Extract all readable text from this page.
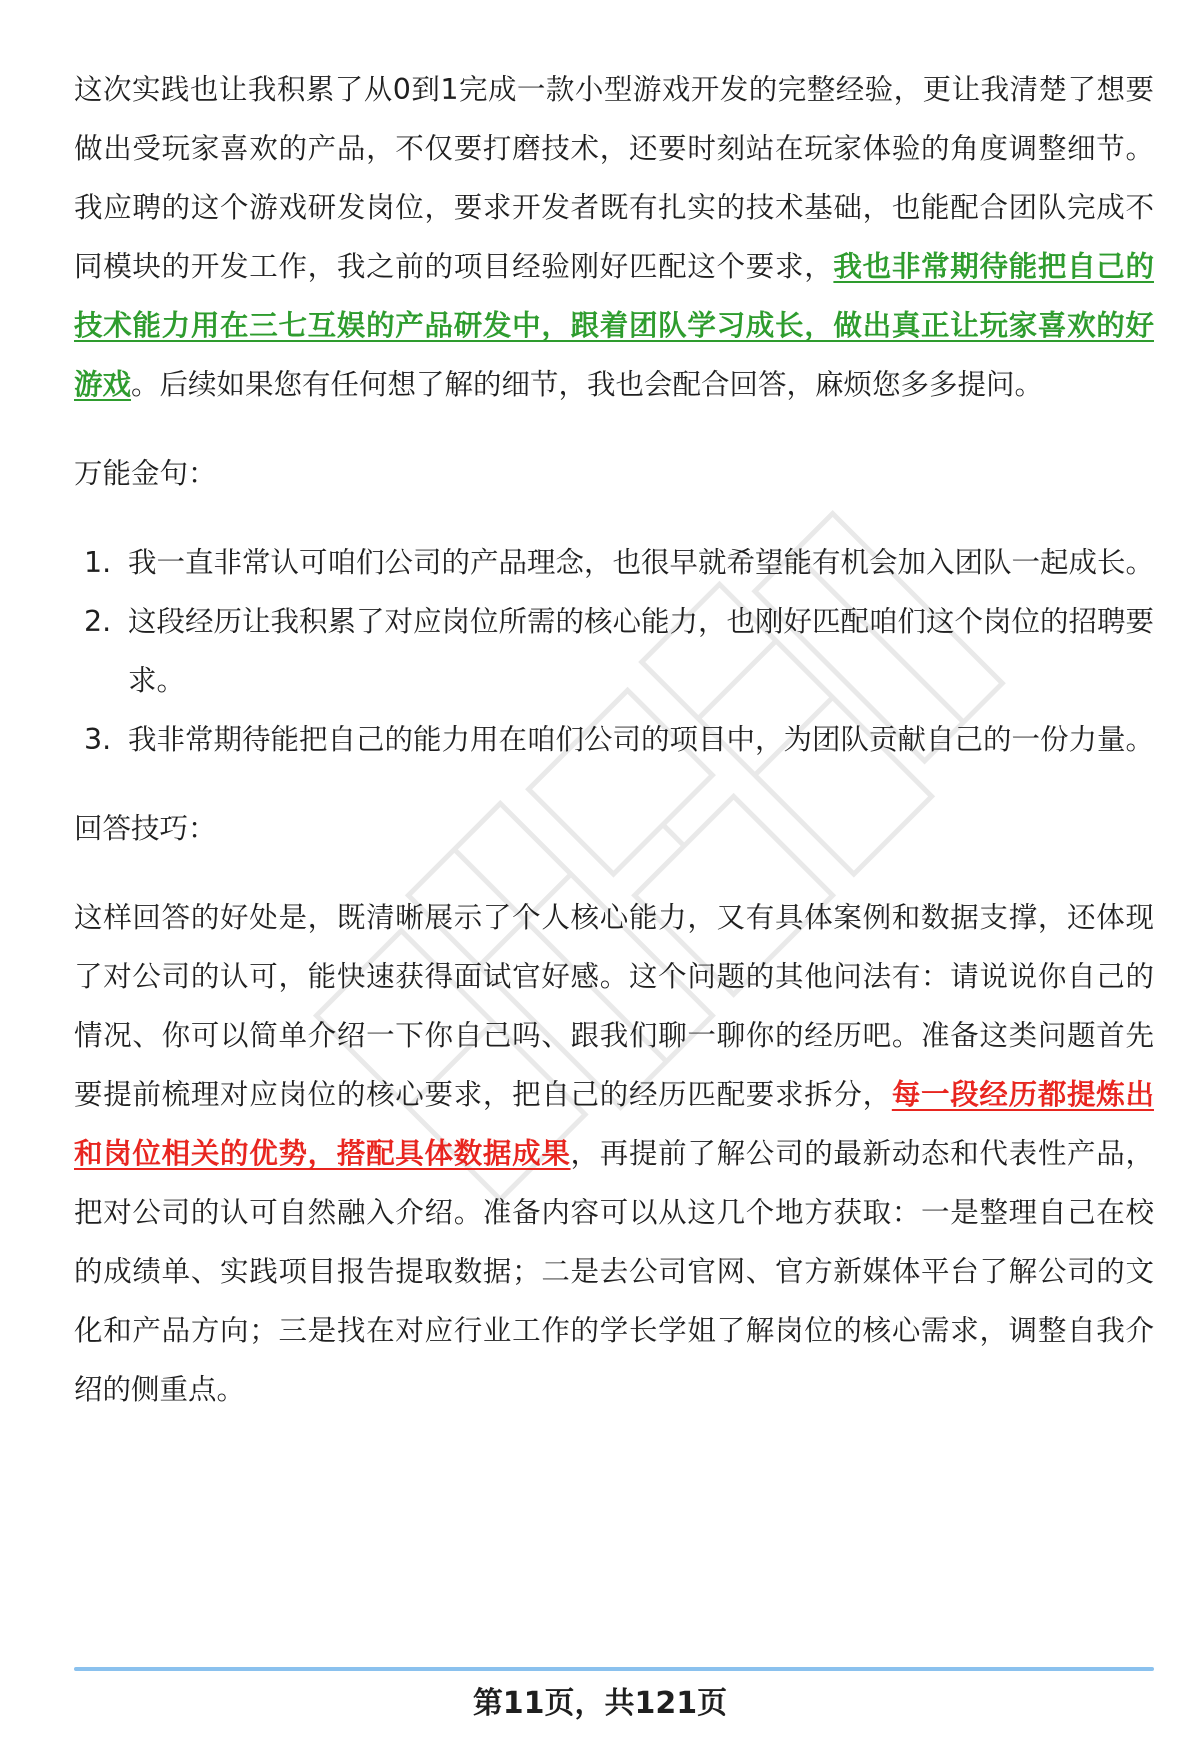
这次实践也让我积累了从0到1完成一款小型游戏开发的完整经验，更让我清楚了想要做出受玩家喜欢的产品，不仅要打磨技术，还要时刻站在玩家体验的角度调整细节。我应聘的这个游戏研发岗位，要求开发者既有扎实的技术基础，也能配合团队完成不同模块的开发工作，我之前的项目经验刚好匹配这个要求，我也非常期待能把自己的技术能力用在三七互娱的产品研发中，跟着团队学习成长，做出真正让玩家喜欢的好游戏。后续如果您有任何想了解的细节，我也会配合回答，麻烦您多多提问。

万能金句：

1. 我一直非常认可咱们公司的产品理念，也很早就希望能有机会加入团队一起成长。
2. 这段经历让我积累了对应岗位所需的核心能力，也刚好匹配咱们这个岗位的招聘要求。
3. 我非常期待能把自己的能力用在咱们公司的项目中，为团队贡献自己的一份力量。

回答技巧：

这样回答的好处是，既清晰展示了个人核心能力，又有具体案例和数据支撑，还体现了对公司的认可，能快速获得面试官好感。这个问题的其他问法有：请说说你自己的情况、你可以简单介绍一下你自己吗、跟我们聊一聊你的经历吧。准备这类问题首先要提前梳理对应岗位的核心要求，把自己的经历匹配要求拆分，每一段经历都提炼出和岗位相关的优势，搭配具体数据成果，再提前了解公司的最新动态和代表性产品，把对公司的认可自然融入介绍。准备内容可以从这几个地方获取：一是整理自己在校的成绩单、实践项目报告提取数据；二是去公司官网、官方新媒体平台了解公司的文化和产品方向；三是找在对应行业工作的学长学姐了解岗位的核心需求，调整自我介绍的侧重点。

第11页，共121页
